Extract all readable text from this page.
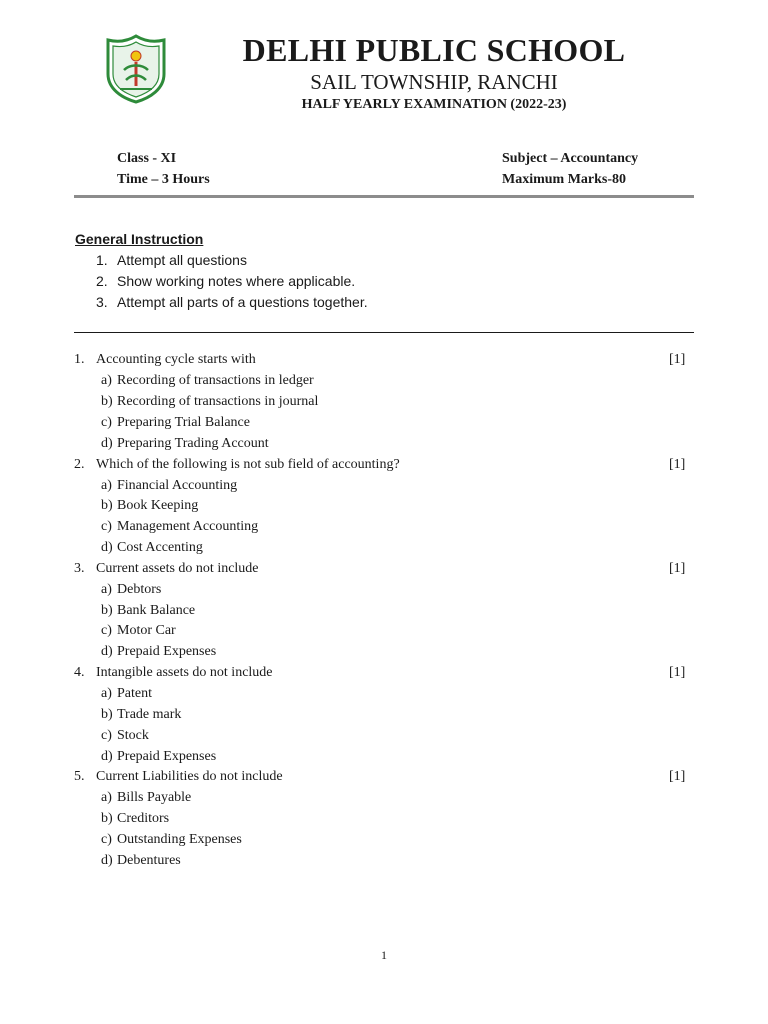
DELHI PUBLIC SCHOOL
SAIL TOWNSHIP, RANCHI
HALF YEARLY EXAMINATION (2022-23)
Class - XI
Time – 3 Hours
Subject – Accountancy
Maximum Marks-80
General Instruction
1. Attempt all questions
2. Show working notes where applicable.
3. Attempt all parts of a questions together.
1. Accounting cycle starts with	[1]
a) Recording of transactions in ledger
b) Recording of transactions in journal
c) Preparing Trial Balance
d) Preparing Trading Account
2. Which of the following is not sub field of accounting?	[1]
a) Financial Accounting
b) Book Keeping
c) Management Accounting
d) Cost Accenting
3. Current assets do not include	[1]
a) Debtors
b) Bank Balance
c) Motor Car
d) Prepaid Expenses
4. Intangible assets do not include	[1]
a) Patent
b) Trade mark
c) Stock
d) Prepaid Expenses
5. Current Liabilities do not include	[1]
a) Bills Payable
b) Creditors
c) Outstanding Expenses
d) Debentures
1
